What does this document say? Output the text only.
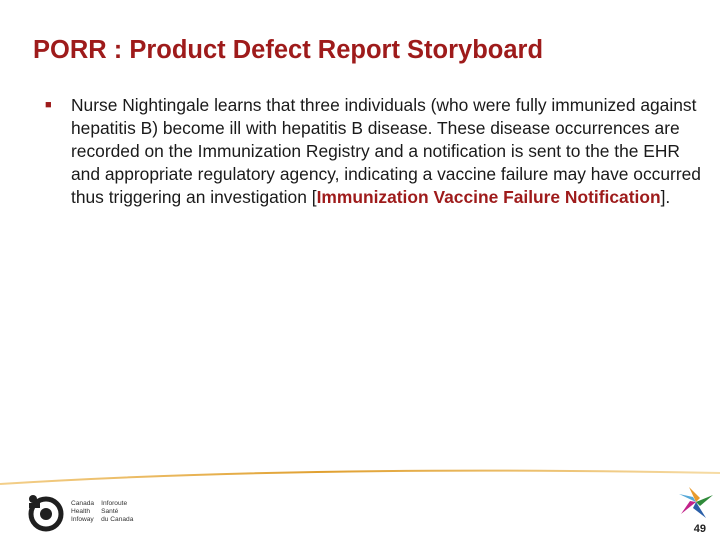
PORR : Product Defect Report Storyboard
■ Nurse Nightingale learns that three individuals (who were fully immunized against hepatitis B) become ill with hepatitis B disease. These disease occurrences are recorded on the Immunization Registry and a notification is sent to the the EHR and appropriate regulatory agency, indicating a vaccine failure may have occurred thus triggering an investigation [Immunization Vaccine Failure Notification].

Canada
Health
Infoway
Inforoute
Santé
du Canada
49
